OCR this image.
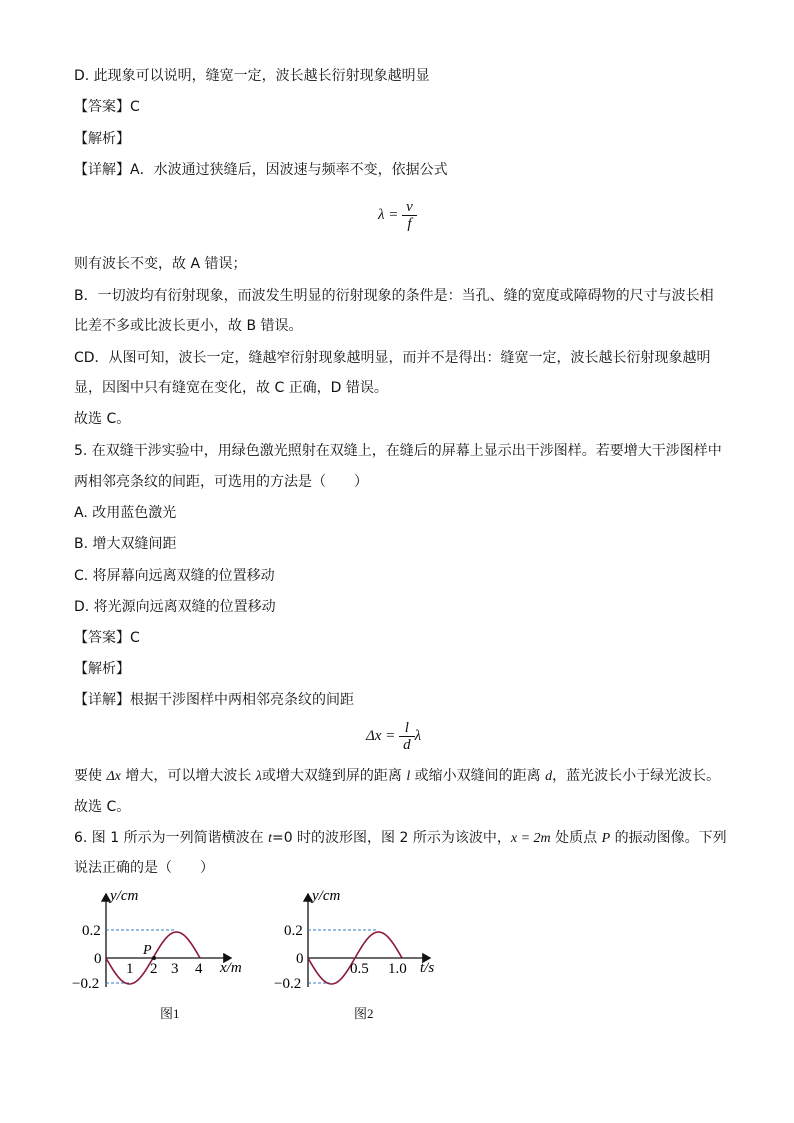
D. 此现象可以说明，缝宽一定，波长越长衍射现象越明显
【答案】C
【解析】
【详解】A．水波通过狭缝后，因波速与频率不变，依据公式
$\lambda = \frac{v}{f}$
则有波长不变，故 A 错误；
B．一切波均有衍射现象，而波发生明显的衍射现象的条件是：当孔、缝的宽度或障碍物的尺寸与波长相
比差不多或比波长更小，故 B 错误。
CD．从图可知，波长一定，缝越窄衍射现象越明显，而并不是得出：缝宽一定，波长越长衍射现象越明
显，因图中只有缝宽在变化，故 C 正确，D 错误。
故选 C。
5. 在双缝干涉实验中，用绿色激光照射在双缝上，在缝后的屏幕上显示出干涉图样。若要增大干涉图样中
两相邻亮条纹的间距，可选用的方法是（　　）
A. 改用蓝色激光
B. 增大双缝间距
C. 将屏幕向远离双缝的位置移动
D. 将光源向远离双缝的位置移动
【答案】C
【解析】
【详解】根据干涉图样中两相邻亮条纹的间距
$\Delta x = \frac{l}{d}$ λ
要使 Δx 增大，可以增大波长 λ或增大双缝到屏的距离 l 或缩小双缝间的距离 d，蓝光波长小于绿光波长。
故选 C。
6. 图 1 所示为一列简谐横波在 t=0 时的波形图，图 2 所示为该波中，x = 2m 处质点 P 的振动图像。下列
说法正确的是（　　）
P
y/cm
x/m
0.2
0
−0.2
1 2 3 4
图1
y/cm
t/s
0.2
0
−0.2
0.5 1.0
图2
